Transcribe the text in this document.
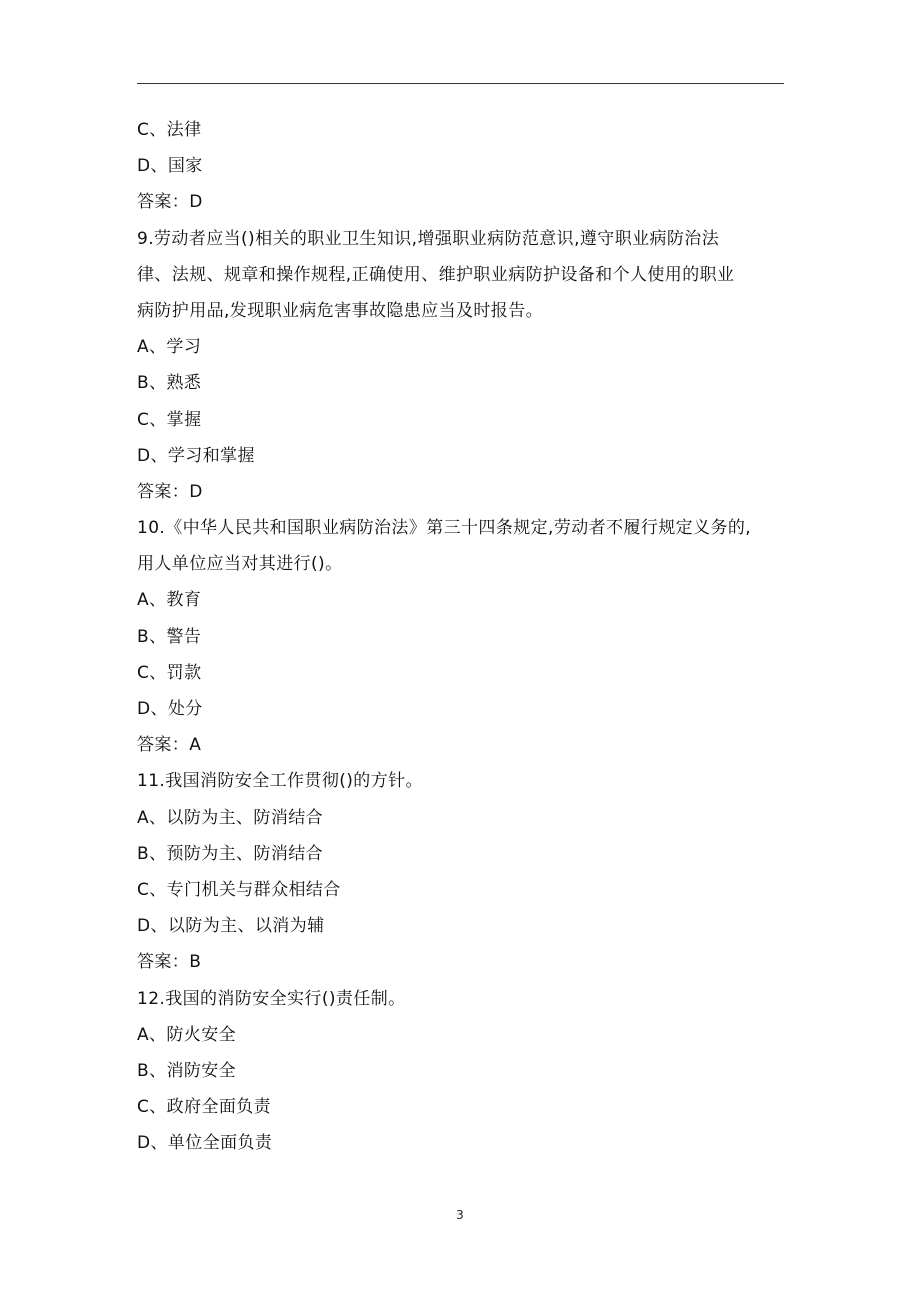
C、法律
D、国家
答案：D
9.劳动者应当()相关的职业卫生知识,增强职业病防范意识,遵守职业病防治法
律、法规、规章和操作规程,正确使用、维护职业病防护设备和个人使用的职业
病防护用品,发现职业病危害事故隐患应当及时报告。
A、学习
B、熟悉
C、掌握
D、学习和掌握
答案：D
10.《中华人民共和国职业病防治法》第三十四条规定,劳动者不履行规定义务的,
用人单位应当对其进行()。
A、教育
B、警告
C、罚款
D、处分
答案：A
11.我国消防安全工作贯彻()的方针。
A、以防为主、防消结合
B、预防为主、防消结合
C、专门机关与群众相结合
D、以防为主、以消为辅
答案：B
12.我国的消防安全实行()责任制。
A、防火安全
B、消防安全
C、政府全面负责
D、单位全面负责
3
